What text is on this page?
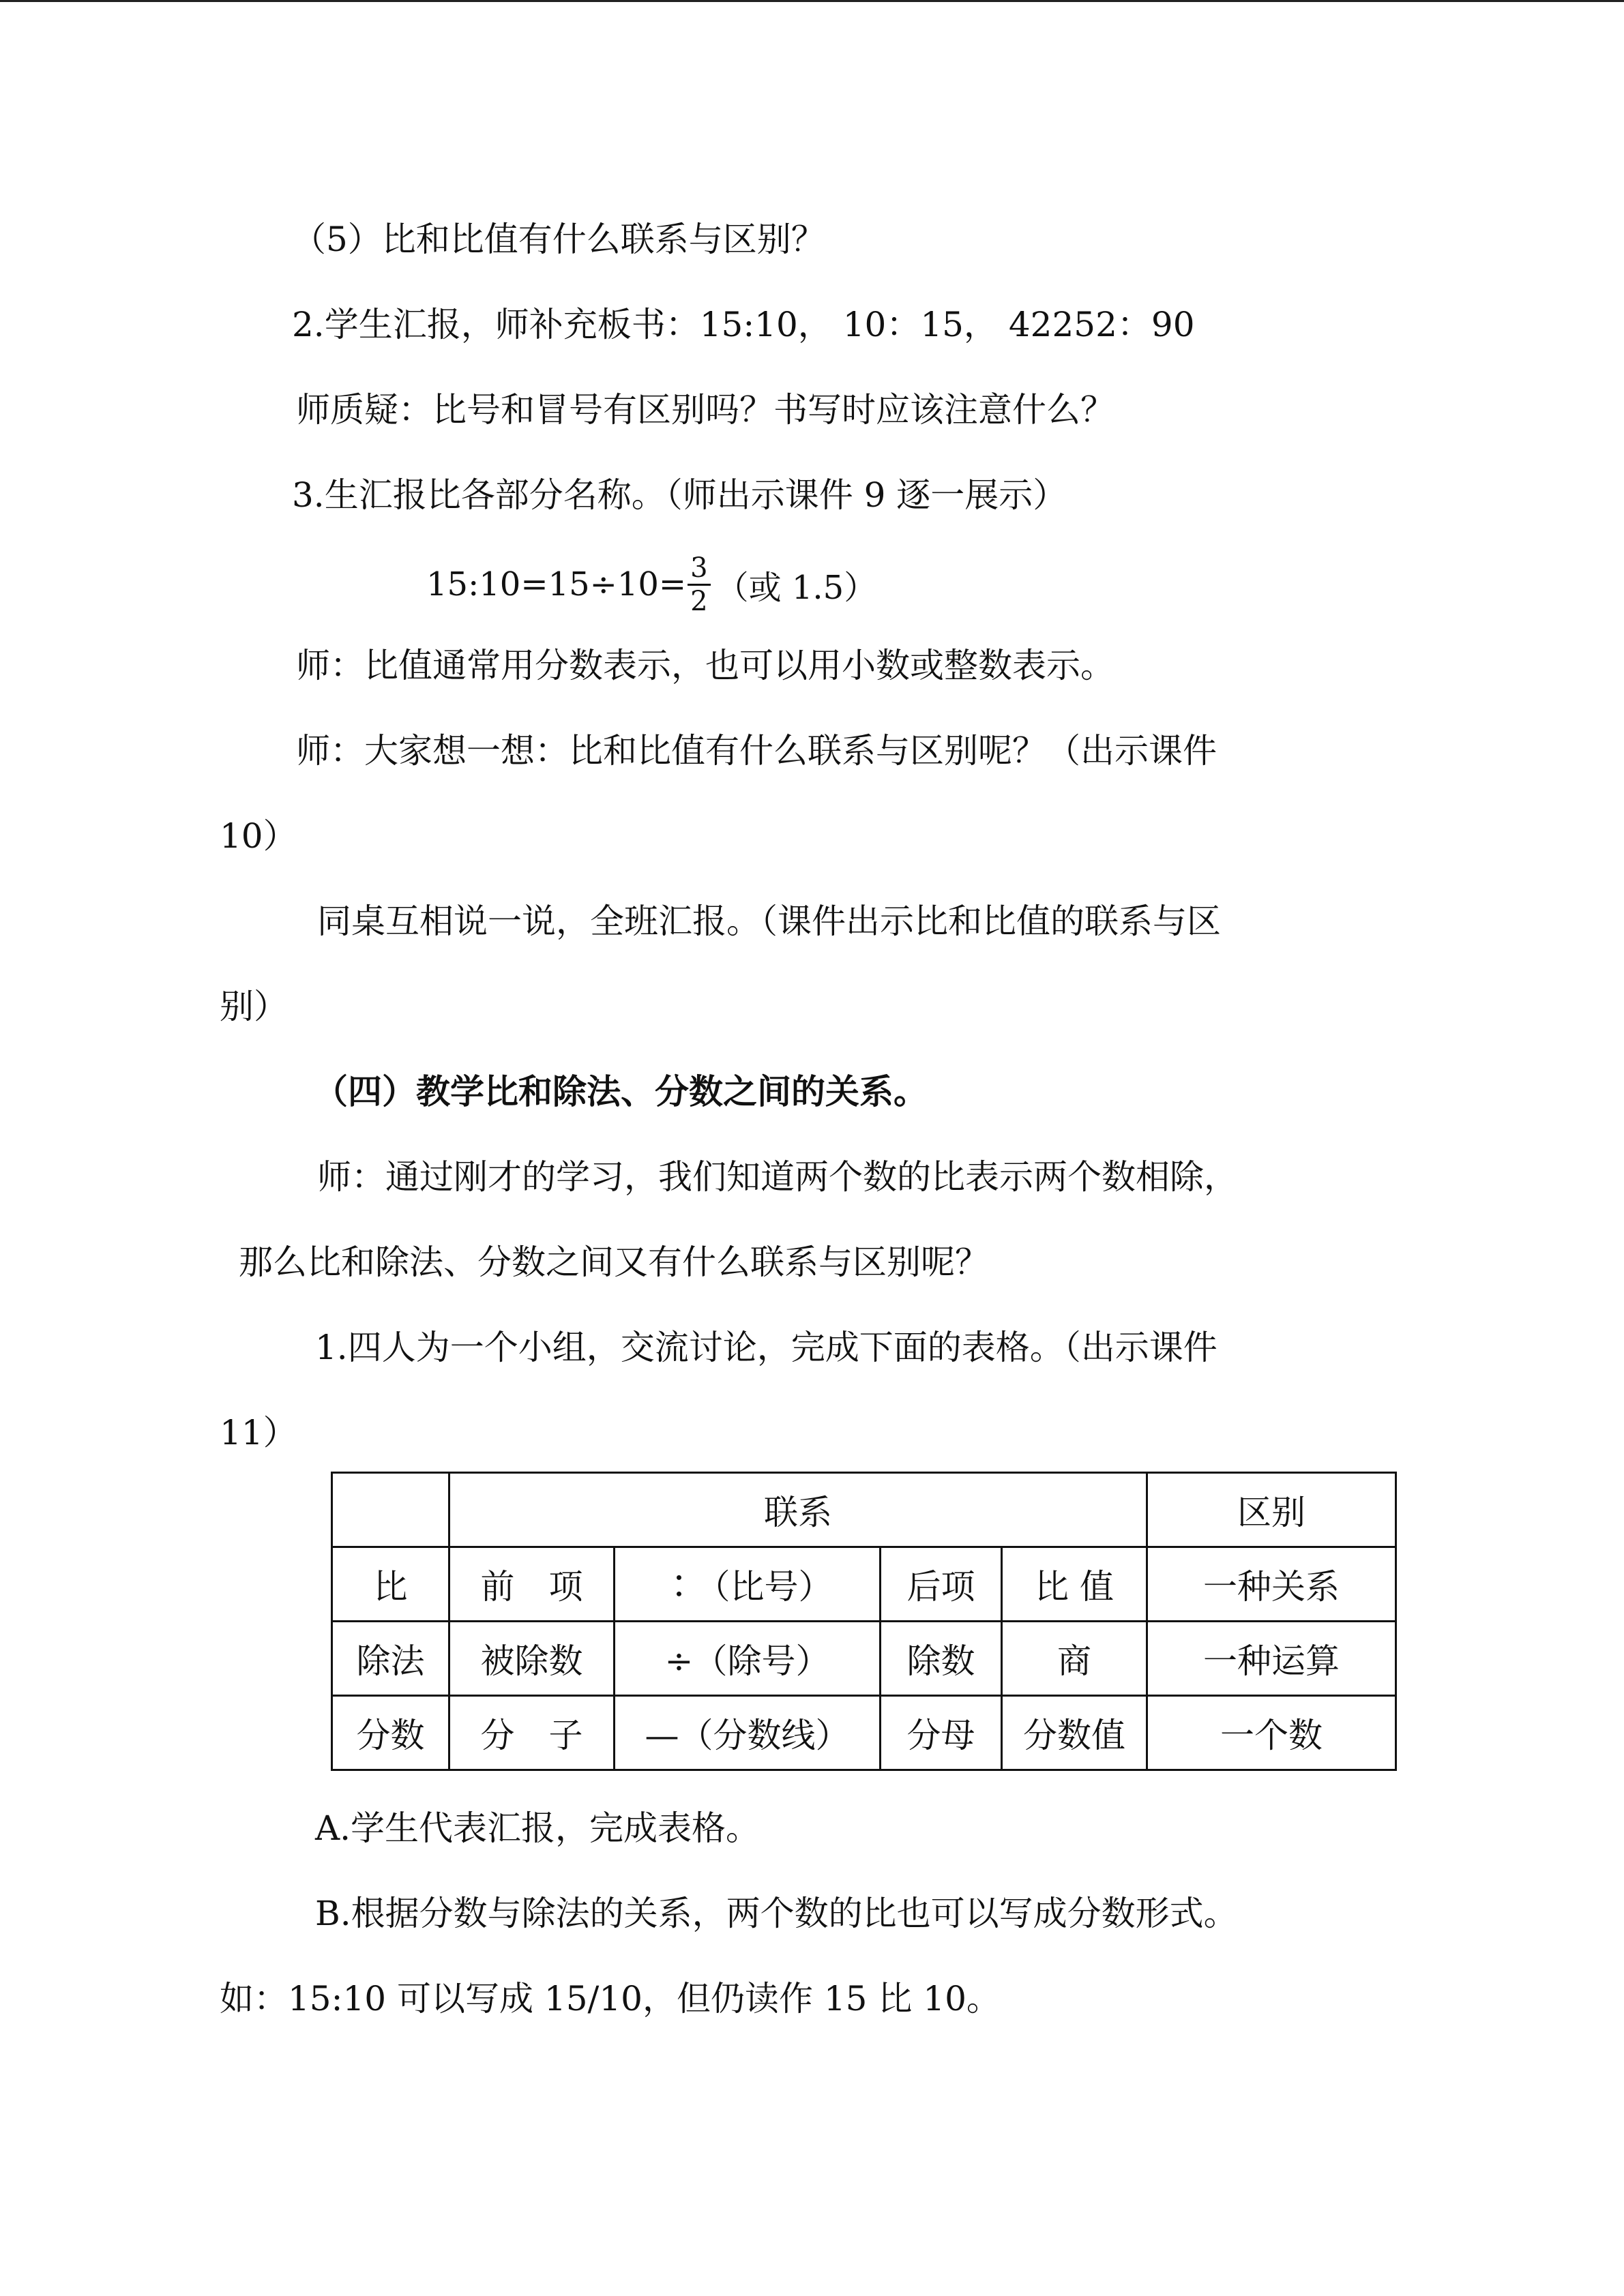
（5）比和比值有什么联系与区别？
2.学生汇报，师补充板书：15:10， 10：15， 42252：90
师质疑：比号和冒号有区别吗？书写时应该注意什么？
3.生汇报比各部分名称。（师出示课件 9 逐一展示）
15:10=15÷10= $\frac{3}{2}$ （或 1.5）
师：比值通常用分数表示，也可以用小数或整数表示。
师：大家想一想：比和比值有什么联系与区别呢？（出示课件
10）
同桌互相说一说，全班汇报。（课件出示比和比值的联系与区
别）
（四）教学比和除法、分数之间的关系。
师：通过刚才的学习，我们知道两个数的比表示两个数相除，
那么比和除法、分数之间又有什么联系与区别呢？
1.四人为一个小组，交流讨论，完成下面的表格。（出示课件
11）
	联系				区别
比	前　项	∶（比号）	后项	比 值	一种关系
除法	被除数	÷（除号）	除数	商	一种运算
分数	分　子	—（分数线）	分母	分数值	一个数
A.学生代表汇报，完成表格。
B.根据分数与除法的关系，两个数的比也可以写成分数形式。
如：15:10 可以写成 15/10，但仍读作 15 比 10。
